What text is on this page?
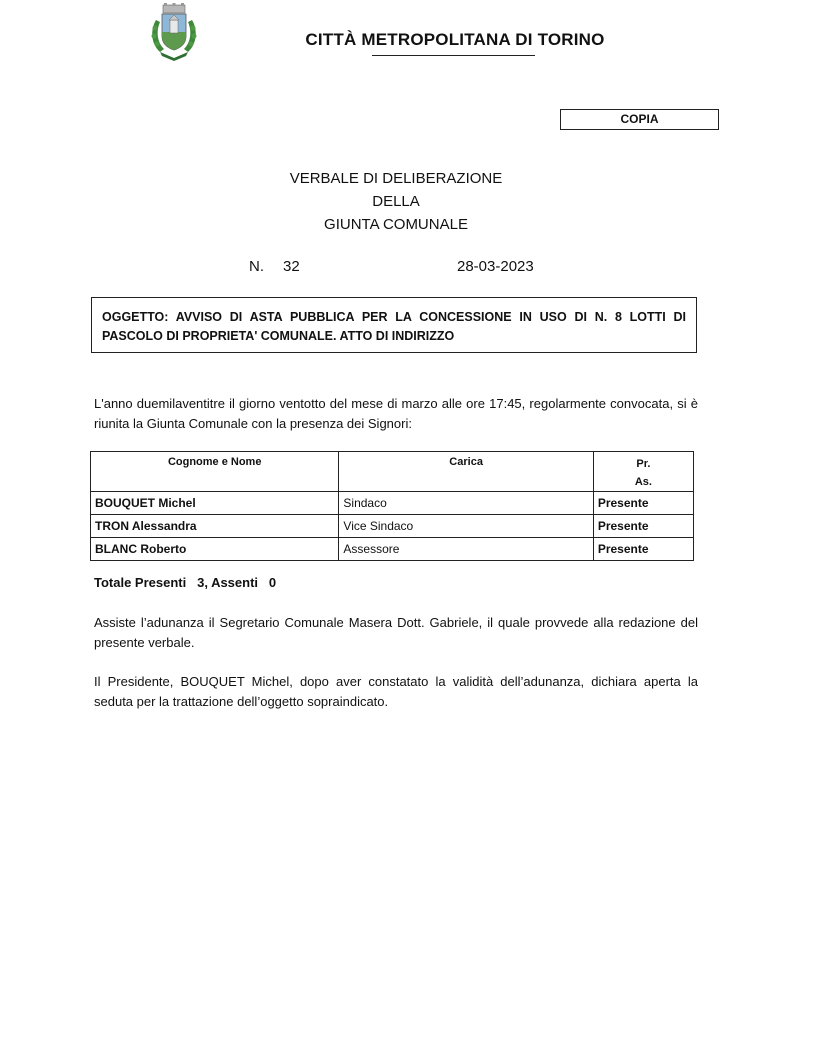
CITTÀ METROPOLITANA DI TORINO
COPIA
VERBALE DI DELIBERAZIONE
DELLA
GIUNTA COMUNALE
N. 32	28-03-2023
OGGETTO: AVVISO DI ASTA PUBBLICA PER LA CONCESSIONE IN USO DI N. 8 LOTTI DI PASCOLO DI PROPRIETA' COMUNALE. ATTO DI INDIRIZZO
L'anno duemilaventitre il giorno ventotto del mese di marzo alle ore 17:45, regolarmente convocata, si è riunita la Giunta Comunale con la presenza dei Signori:
Cognome e Nome	Carica	Pr.
As.
BOUQUET Michel	Sindaco	Presente
TRON Alessandra	Vice Sindaco	Presente
BLANC Roberto	Assessore	Presente
Totale Presenti 3, Assenti 0
Assiste l’adunanza il Segretario Comunale Masera Dott. Gabriele, il quale provvede alla redazione del presente verbale.
Il Presidente, BOUQUET Michel, dopo aver constatato la validità dell’adunanza, dichiara aperta la seduta per la trattazione dell’oggetto sopraindicato.
